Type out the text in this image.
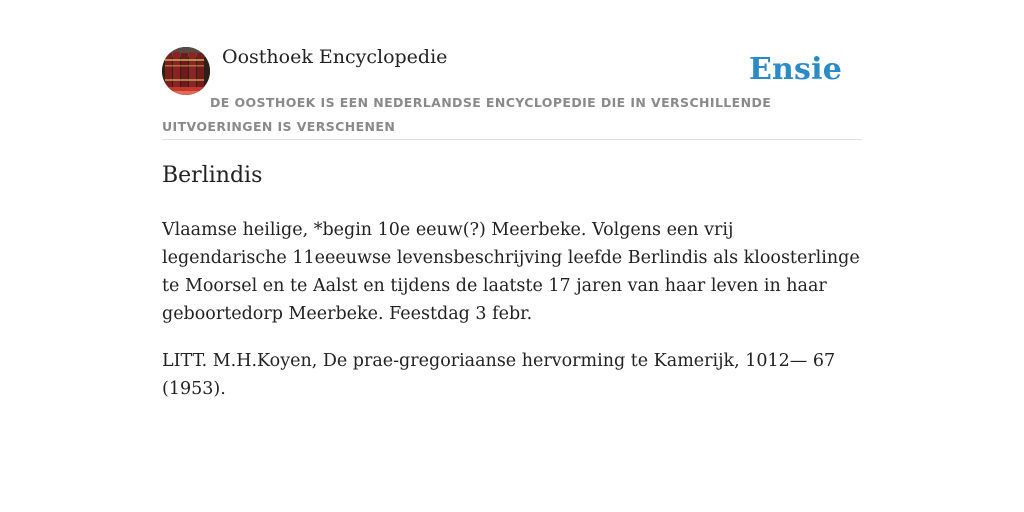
Oosthoek Encyclopedie	Ensie
DE OOSTHOEK IS EEN NEDERLANDSE ENCYCLOPEDIE DIE IN VERSCHILLENDE UITVOERINGEN IS VERSCHENEN
Berlindis

Vlaamse heilige, *begin 10e eeuw(?) Meerbeke. Volgens een vrij legendarische 11eeeuwse levensbeschrijving leefde Berlindis als kloosterlinge te Moorsel en te Aalst en tijdens de laatste 17 jaren van haar leven in haar geboortedorp Meerbeke. Feestdag 3 febr.

LITT. M.H.Koyen, De prae-gregoriaanse hervorming te Kamerijk, 1012— 67 (1953).
